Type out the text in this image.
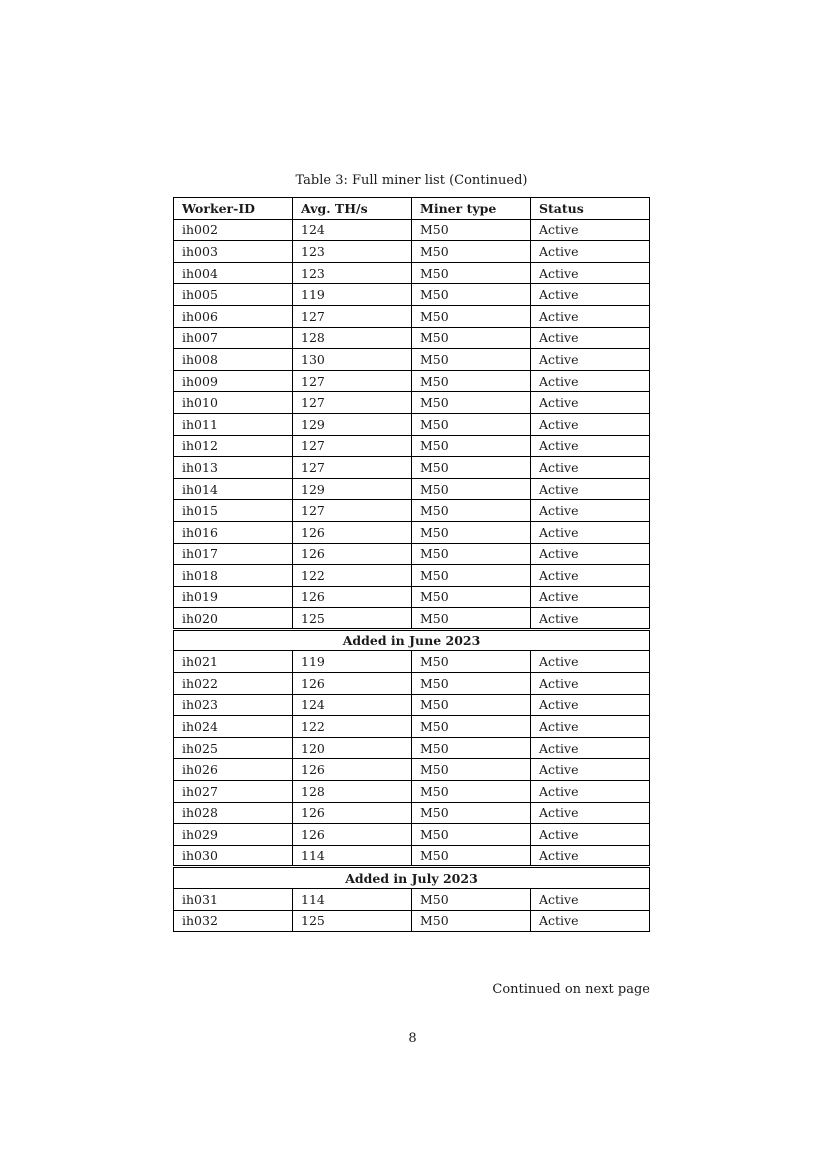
Table 3: Full miner list (Continued)
Worker-ID	Avg. TH/s	Miner type	Status
ih002	124	M50	Active
ih003	123	M50	Active
ih004	123	M50	Active
ih005	119	M50	Active
ih006	127	M50	Active
ih007	128	M50	Active
ih008	130	M50	Active
ih009	127	M50	Active
ih010	127	M50	Active
ih011	129	M50	Active
ih012	127	M50	Active
ih013	127	M50	Active
ih014	129	M50	Active
ih015	127	M50	Active
ih016	126	M50	Active
ih017	126	M50	Active
ih018	122	M50	Active
ih019	126	M50	Active
ih020	125	M50	Active
Added in June 2023			
ih021	119	M50	Active
ih022	126	M50	Active
ih023	124	M50	Active
ih024	122	M50	Active
ih025	120	M50	Active
ih026	126	M50	Active
ih027	128	M50	Active
ih028	126	M50	Active
ih029	126	M50	Active
ih030	114	M50	Active
Added in July 2023			
ih031	114	M50	Active
ih032	125	M50	Active
Continued on next page
8
